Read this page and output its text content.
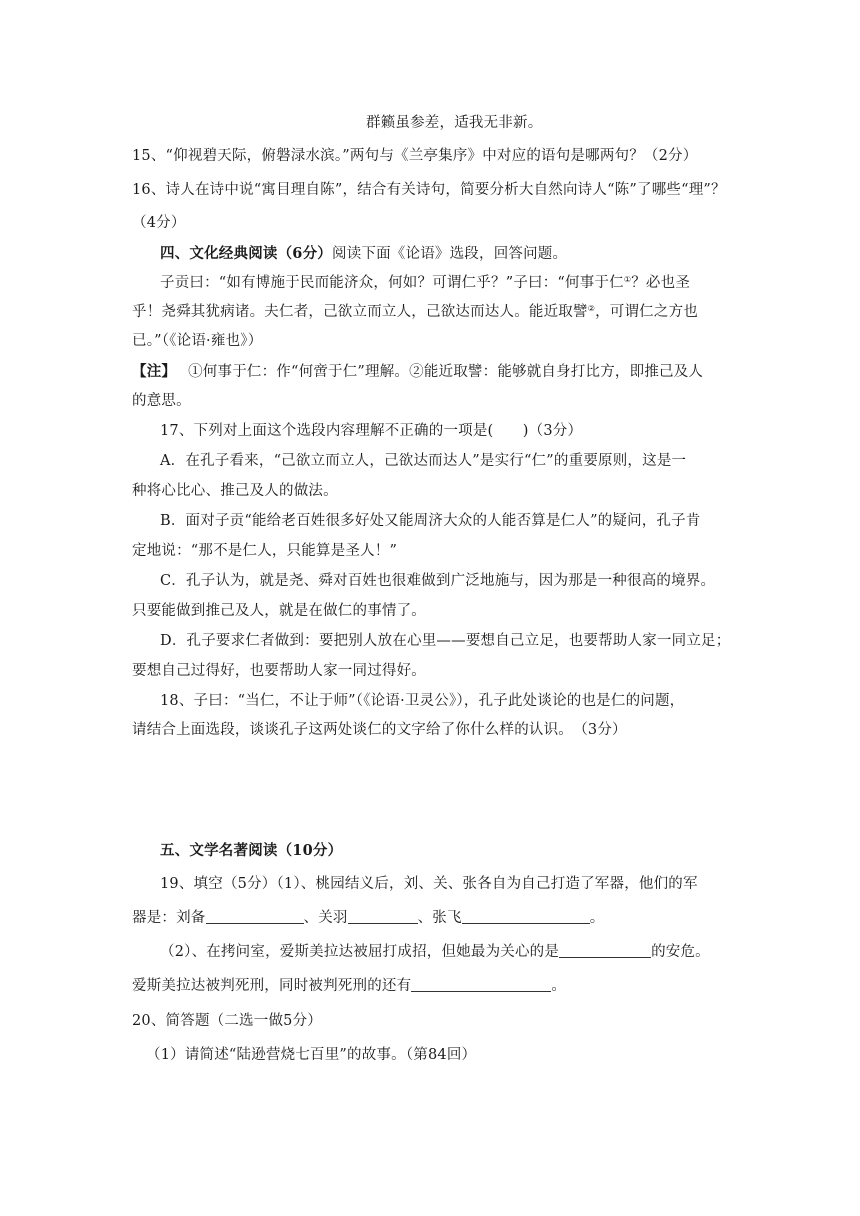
群籁虽参差，适我无非新。
15、“仰视碧天际，俯磐渌水滨。”两句与《兰亭集序》中对应的语句是哪两句？（2分）
16、诗人在诗中说“寓目理自陈”，结合有关诗句，简要分析大自然向诗人“陈”了哪些“理”？
（4分）
四、文化经典阅读（6分）阅读下面《论语》选段，回答问题。
子贡曰：“如有博施于民而能济众，何如？可谓仁乎？”子曰：“何事于仁①？必也圣
乎！尧舜其犹病诸。夫仁者，己欲立而立人，己欲达而达人。能近取譬②，可谓仁之方也
已。”（《论语·雍也》）
【注】 ①何事于仁：作“何啻于仁”理解。②能近取譬：能够就自身打比方，即推己及人
的意思。
17、下列对上面这个选段内容理解不正确的一项是(　　)（3分）
A．在孔子看来，“己欲立而立人，己欲达而达人”是实行“仁”的重要原则，这是一
种将心比心、推己及人的做法。
B．面对子贡“能给老百姓很多好处又能周济大众的人能否算是仁人”的疑问，孔子肯
定地说：“那不是仁人，只能算是圣人！”
C．孔子认为，就是尧、舜对百姓也很难做到广泛地施与，因为那是一种很高的境界。
只要能做到推己及人，就是在做仁的事情了。
D．孔子要求仁者做到：要把别人放在心里——要想自己立足，也要帮助人家一同立足；
要想自己过得好，也要帮助人家一同过得好。
18、子曰：“当仁，不让于师”（《论语·卫灵公》），孔子此处谈论的也是仁的问题，
请结合上面选段，谈谈孔子这两处谈仁的文字给了你什么样的认识。　（3分）
五、文学名著阅读（10分）
19、填空（5分）（1）、桃园结义后，刘、关、张各自为自己打造了军器，他们的军
器是：刘备	、关羽	、张飞	。
（2）、在拷问室，爱斯美拉达被屈打成招，但她最为关心的是	的安危。
爱斯美拉达被判死刑，同时被判死刑的还有	。
20、简答题（二选一做5分）
（1）请简述“陆逊营烧七百里”的故事。（第84回）
